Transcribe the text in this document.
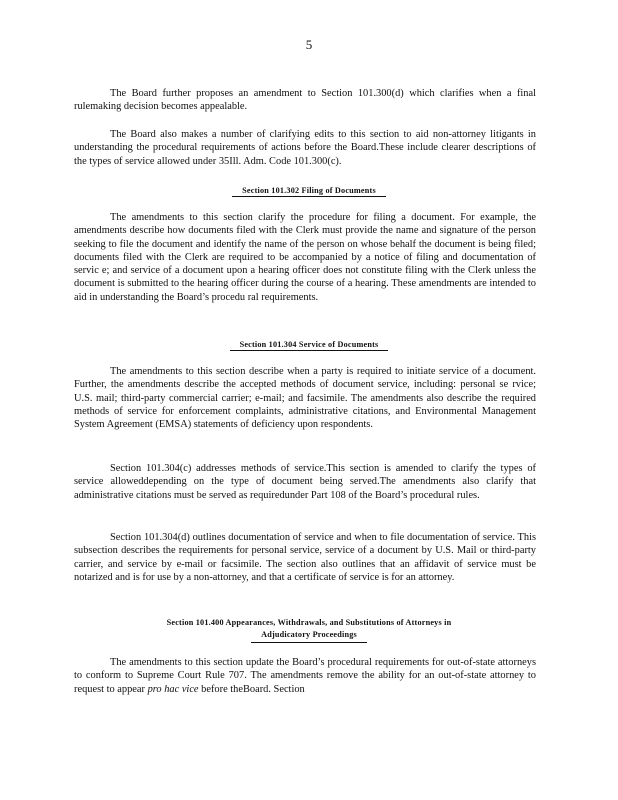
5

The Board further proposes an amendment to Section 101.300(d) which clarifies when a final rulemaking decision becomes appealable.

The Board also makes a number of clarifying edits to this section to aid non-attorney litigants in understanding the procedural requirements of actions before the Board.These include clearer descriptions of the types of service allowed under 35Ill. Adm. Code 101.300(c).

Section 101.302 Filing of Documents

The amendments to this section clarify the procedure for filing a document. For example, the amendments describe how documents filed with the Clerk must provide the name and signature of the person seeking to file the document and identify the name of the person on whose behalf the document is being filed; documents filed with the Clerk are required to be accompanied by a notice of filing and documentation of servic e; and service of a document upon a hearing officer does not constitute filing with the Clerk unless the document is submitted to the hearing officer during the course of a hearing. These amendments are intended to aid in understanding the Board’s procedu ral requirements.

Section 101.304 Service of Documents

The amendments to this section describe when a party is required to initiate service of a document. Further, the amendments describe the accepted methods of document service, including: personal se rvice; U.S. mail; third-party commercial carrier; e-mail; and facsimile. The amendments also describe the required methods of service for enforcement complaints, administrative citations, and Environmental Management System Agreement (EMSA) statements of deficiency upon respondents.

Section 101.304(c) addresses methods of service.This section is amended to clarify the types of service alloweddepending on the type of document being served.The amendments also clarify that administrative citations must be served as requiredunder Part 108 of the Board’s procedural rules.

Section 101.304(d) outlines documentation of service and when to file documentation of service. This subsection describes the requirements for personal service, service of a document by U.S. Mail or third-party carrier, and service by e-mail or facsimile. The section also outlines that an affidavit of service must be notarized and is for use by a non-attorney, and that a certificate of service is for an attorney.

Section 101.400 Appearances, Withdrawals, and Substitutions of Attorneys in
Adjudicatory Proceedings

The amendments to this section update the Board’s procedural requirements for out-of-state attorneys to conform to Supreme Court Rule 707. The amendments remove the ability for an out-of-state attorney to request to appear pro hac vice before theBoard. Section
